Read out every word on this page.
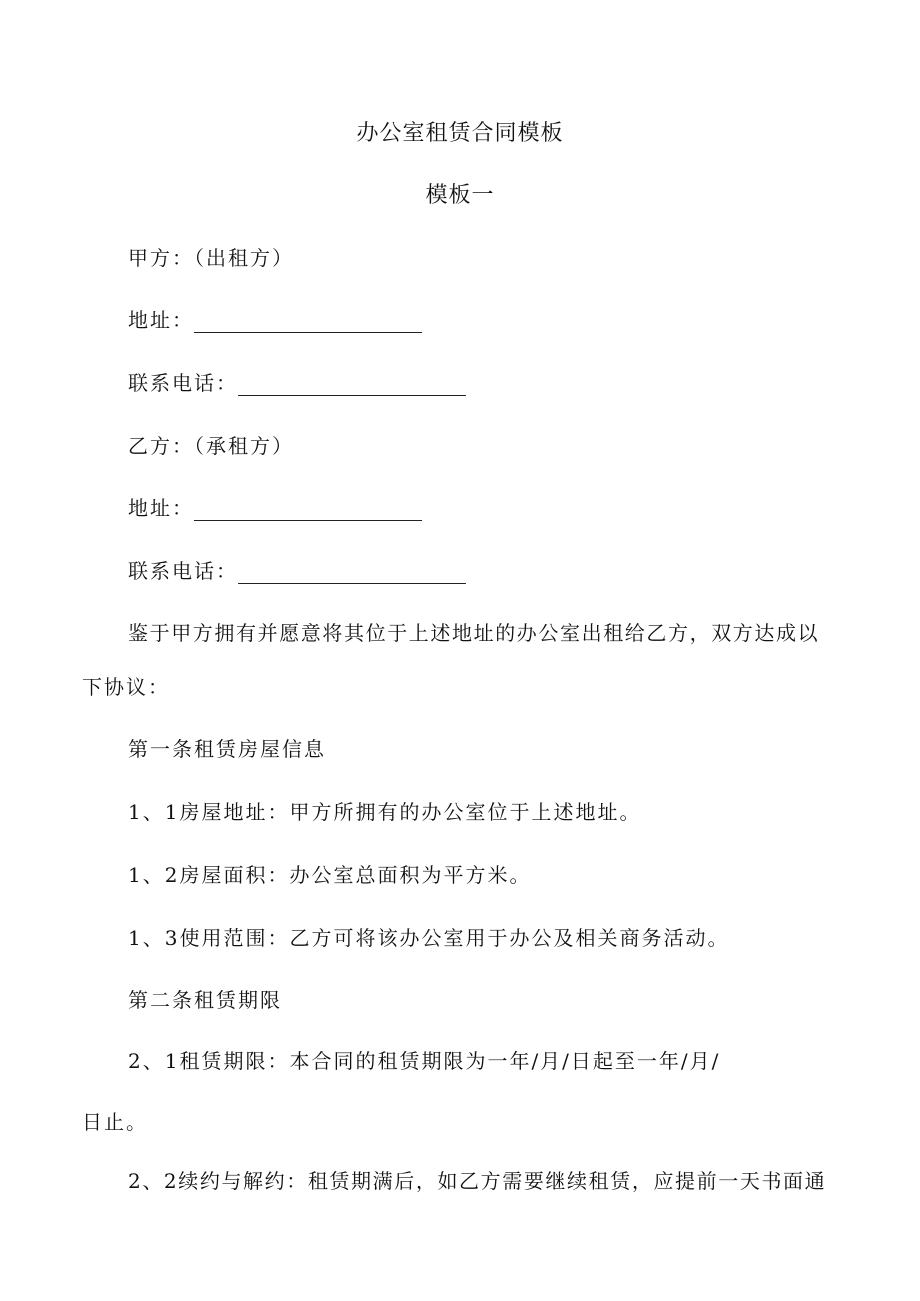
办公室租赁合同模板
模板一
甲方：（出租方）
地址：
联系电话：
乙方：（承租方）
地址：
联系电话：
鉴于甲方拥有并愿意将其位于上述地址的办公室出租给乙方，双方达成以
下协议：
第一条租赁房屋信息
1、1房屋地址：甲方所拥有的办公室位于上述地址。
1、2房屋面积：办公室总面积为平方米。
1、3使用范围：乙方可将该办公室用于办公及相关商务活动。
第二条租赁期限
2、1租赁期限：本合同的租赁期限为一年/月/日起至一年/月/
日止。
2、2续约与解约：租赁期满后，如乙方需要继续租赁，应提前一天书面通
